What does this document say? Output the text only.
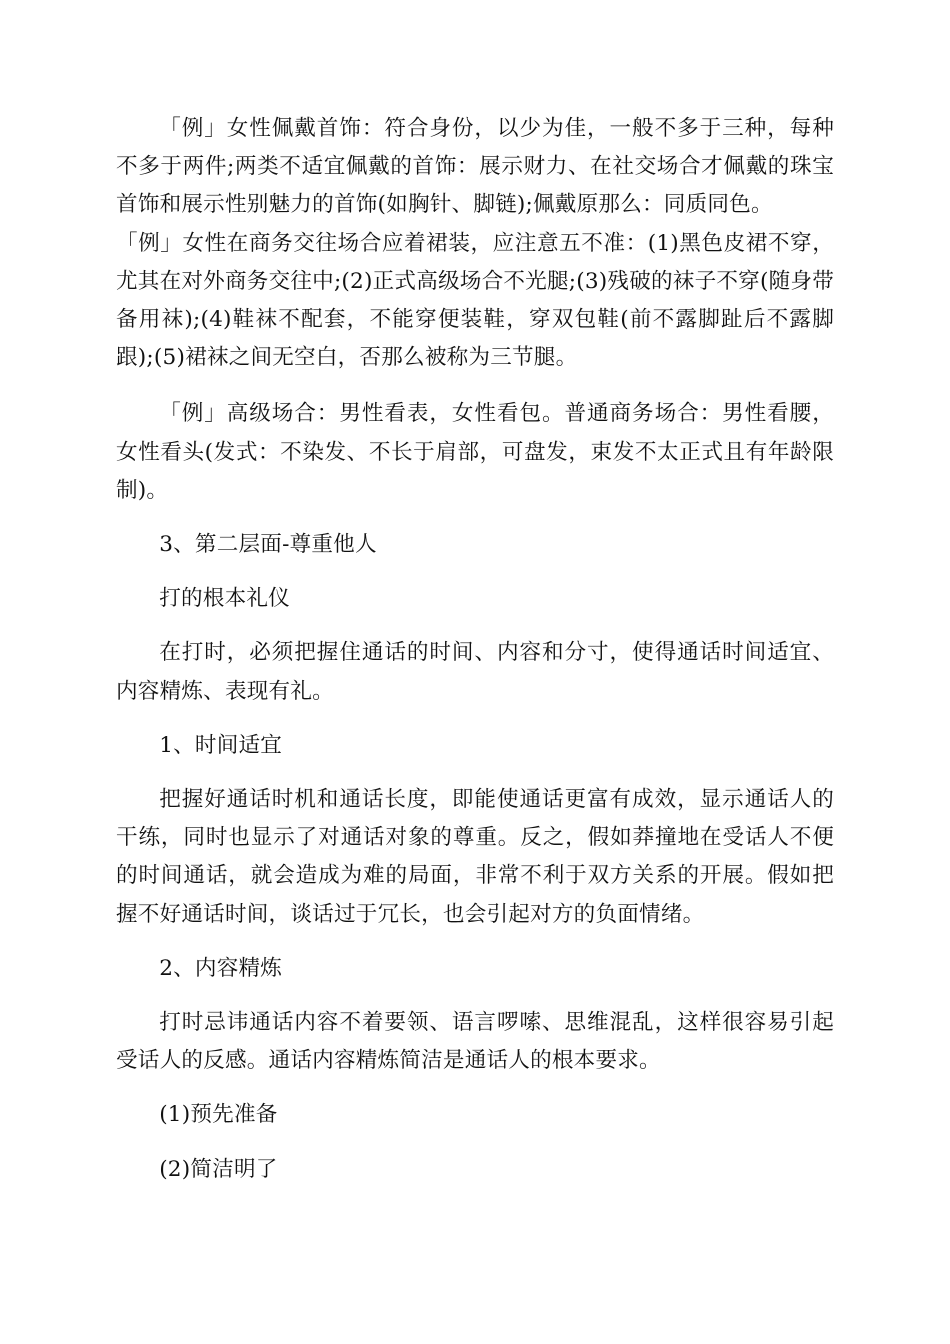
「例」女性佩戴首饰：符合身份，以少为佳，一般不多于三种，每种不多于两件;两类不适宜佩戴的首饰：展示财力、在社交场合才佩戴的珠宝首饰和展示性别魅力的首饰(如胸针、脚链);佩戴原那么：同质同色。

「例」女性在商务交往场合应着裙装，应注意五不准：(1)黑色皮裙不穿，尤其在对外商务交往中;(2)正式高级场合不光腿;(3)残破的袜子不穿(随身带备用袜);(4)鞋袜不配套，不能穿便装鞋，穿双包鞋(前不露脚趾后不露脚跟);(5)裙袜之间无空白，否那么被称为三节腿。

「例」高级场合：男性看表，女性看包。普通商务场合：男性看腰，女性看头(发式：不染发、不长于肩部，可盘发，束发不太正式且有年龄限制)。

3、第二层面-尊重他人

打的根本礼仪

在打时，必须把握住通话的时间、内容和分寸，使得通话时间适宜、内容精炼、表现有礼。

1、时间适宜

把握好通话时机和通话长度，即能使通话更富有成效，显示通话人的干练，同时也显示了对通话对象的尊重。反之，假如莽撞地在受话人不便的时间通话，就会造成为难的局面，非常不利于双方关系的开展。假如把握不好通话时间，谈话过于冗长，也会引起对方的负面情绪。

2、内容精炼

打时忌讳通话内容不着要领、语言啰嗦、思维混乱，这样很容易引起受话人的反感。通话内容精炼简洁是通话人的根本要求。

(1)预先准备

(2)简洁明了
